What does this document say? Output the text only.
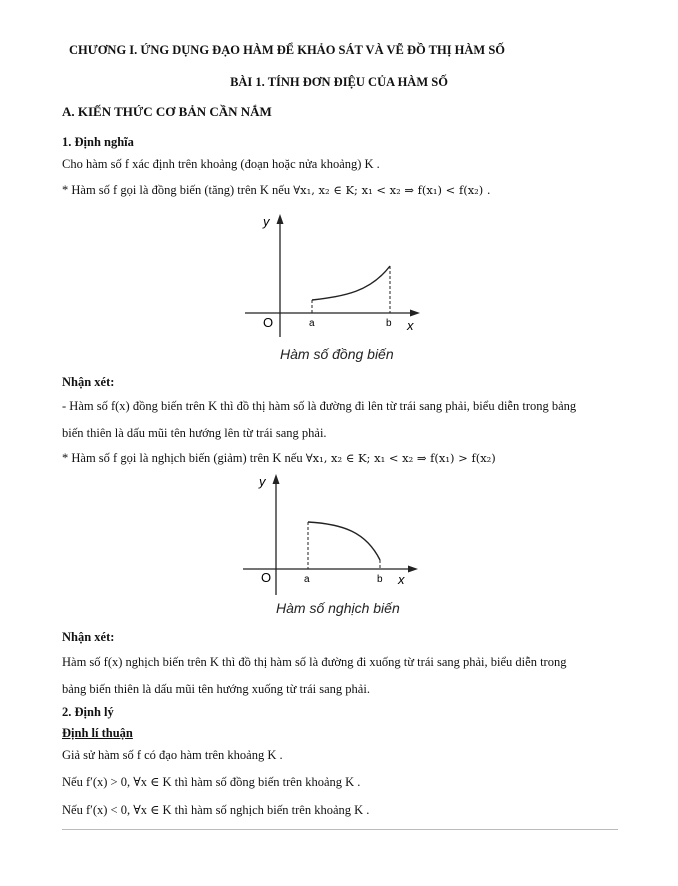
CHƯƠNG I. ỨNG DỤNG ĐẠO HÀM ĐỂ KHẢO SÁT VÀ VẼ ĐỒ THỊ HÀM SỐ
BÀI 1. TÍNH ĐƠN ĐIỆU CỦA HÀM SỐ
A. KIẾN THỨC CƠ BẢN CẦN NẮM
1. Định nghĩa
Cho hàm số f xác định trên khoảng (đoạn hoặc nửa khoảng) K .
* Hàm số f gọi là đồng biến (tăng) trên K nếu ∀x₁, x₂ ∈ K; x₁ < x₂ ⇒ f(x₁) < f(x₂) .
y
x
O	a	b
Hàm số đồng biến
Nhận xét:
- Hàm số f(x) đồng biến trên K thì đồ thị hàm số là đường đi lên từ trái sang phải, biểu diễn trong bảng
biến thiên là dấu mũi tên hướng lên từ trái sang phải.
* Hàm số f gọi là nghịch biến (giảm) trên K nếu ∀x₁, x₂ ∈ K; x₁ < x₂ ⇒ f(x₁) > f(x₂)
y
x
O	a	b
Hàm số nghịch biến
Nhận xét:
Hàm số f(x) nghịch biến trên K thì đồ thị hàm số là đường đi xuống từ trái sang phải, biểu diễn trong
bảng biến thiên là dấu mũi tên hướng xuống từ trái sang phải.
2. Định lý
Định lí thuận
Giả sử hàm số f có đạo hàm trên khoảng K .
Nếu f′(x) > 0, ∀x ∈ K thì hàm số đồng biến trên khoảng K .
Nếu f′(x) < 0, ∀x ∈ K thì hàm số nghịch biến trên khoảng K .
